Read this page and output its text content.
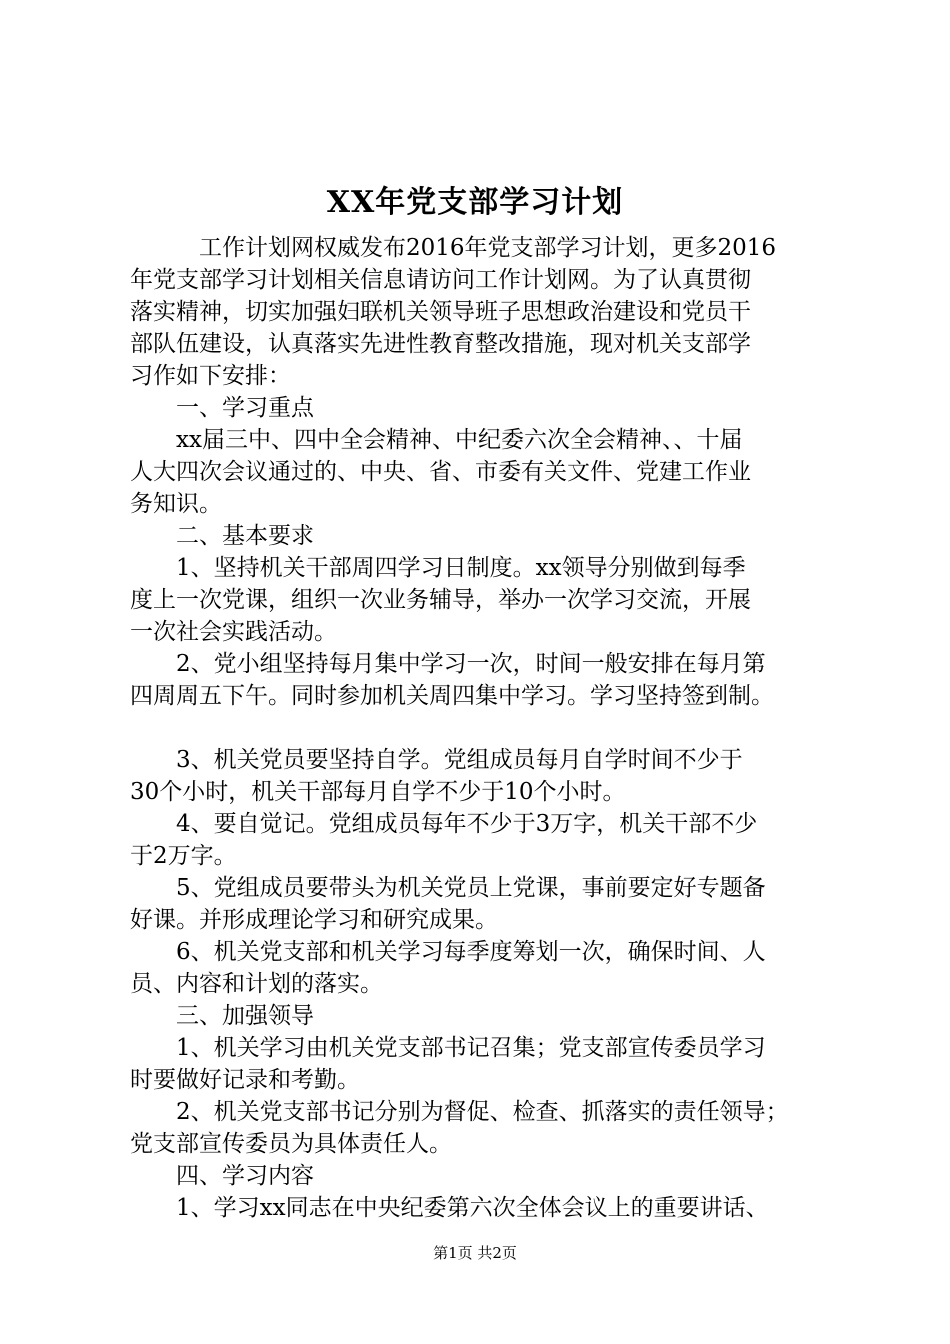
XX年党支部学习计划

　　　工作计划网权威发布2016年党支部学习计划，更多2016

年党支部学习计划相关信息请访问工作计划网。为了认真贯彻

落实精神，切实加强妇联机关领导班子思想政治建设和党员干

部队伍建设，认真落实先进性教育整改措施，现对机关支部学

习作如下安排：

　　一、学习重点

　　xx届三中、四中全会精神、中纪委六次全会精神、、十届

人大四次会议通过的、中央、省、市委有关文件、党建工作业

务知识。

　　二、基本要求

　　1、坚持机关干部周四学习日制度。xx领导分别做到每季

度上一次党课，组织一次业务辅导，举办一次学习交流，开展

一次社会实践活动。

　　2、党小组坚持每月集中学习一次，时间一般安排在每月第

四周周五下午。同时参加机关周四集中学习。学习坚持签到制。

　　3、机关党员要坚持自学。党组成员每月自学时间不少于

30个小时，机关干部每月自学不少于10个小时。

　　4、要自觉记。党组成员每年不少于3万字，机关干部不少

于2万字。

　　5、党组成员要带头为机关党员上党课，事前要定好专题备

好课。并形成理论学习和研究成果。

　　6、机关党支部和机关学习每季度筹划一次，确保时间、人

员、内容和计划的落实。

　　三、加强领导

　　1、机关学习由机关党支部书记召集；党支部宣传委员学习

时要做好记录和考勤。

　　2、机关党支部书记分别为督促、检查、抓落实的责任领导；

党支部宣传委员为具体责任人。

　　四、学习内容

　　1、学习xx同志在中央纪委第六次全体会议上的重要讲话、

第1页 共2页
